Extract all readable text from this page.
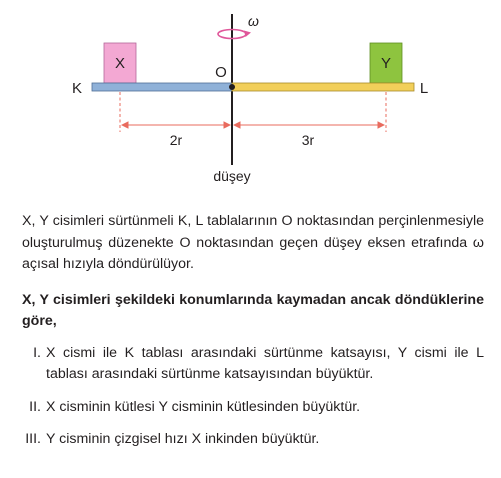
ω
X	Y
O
K	L
2r	3r
düşey

X, Y cisimleri sürtünmeli K, L tablalarının O noktasından perçinlenmesiyle oluşturulmuş düzenekte O noktasından geçen düşey eksen etrafında ω açısal hızıyla döndürülüyor.

X, Y cisimleri şekildeki konumlarında kaymadan ancak döndüklerine göre,

I. X cismi ile K tablası arasındaki sürtünme katsayısı, Y cismi ile L tablası arasındaki sürtünme katsayısından büyüktür.
II. X cisminin kütlesi Y cisminin kütlesinden büyüktür.
III. Y cisminin çizgisel hızı X inkinden büyüktür.
